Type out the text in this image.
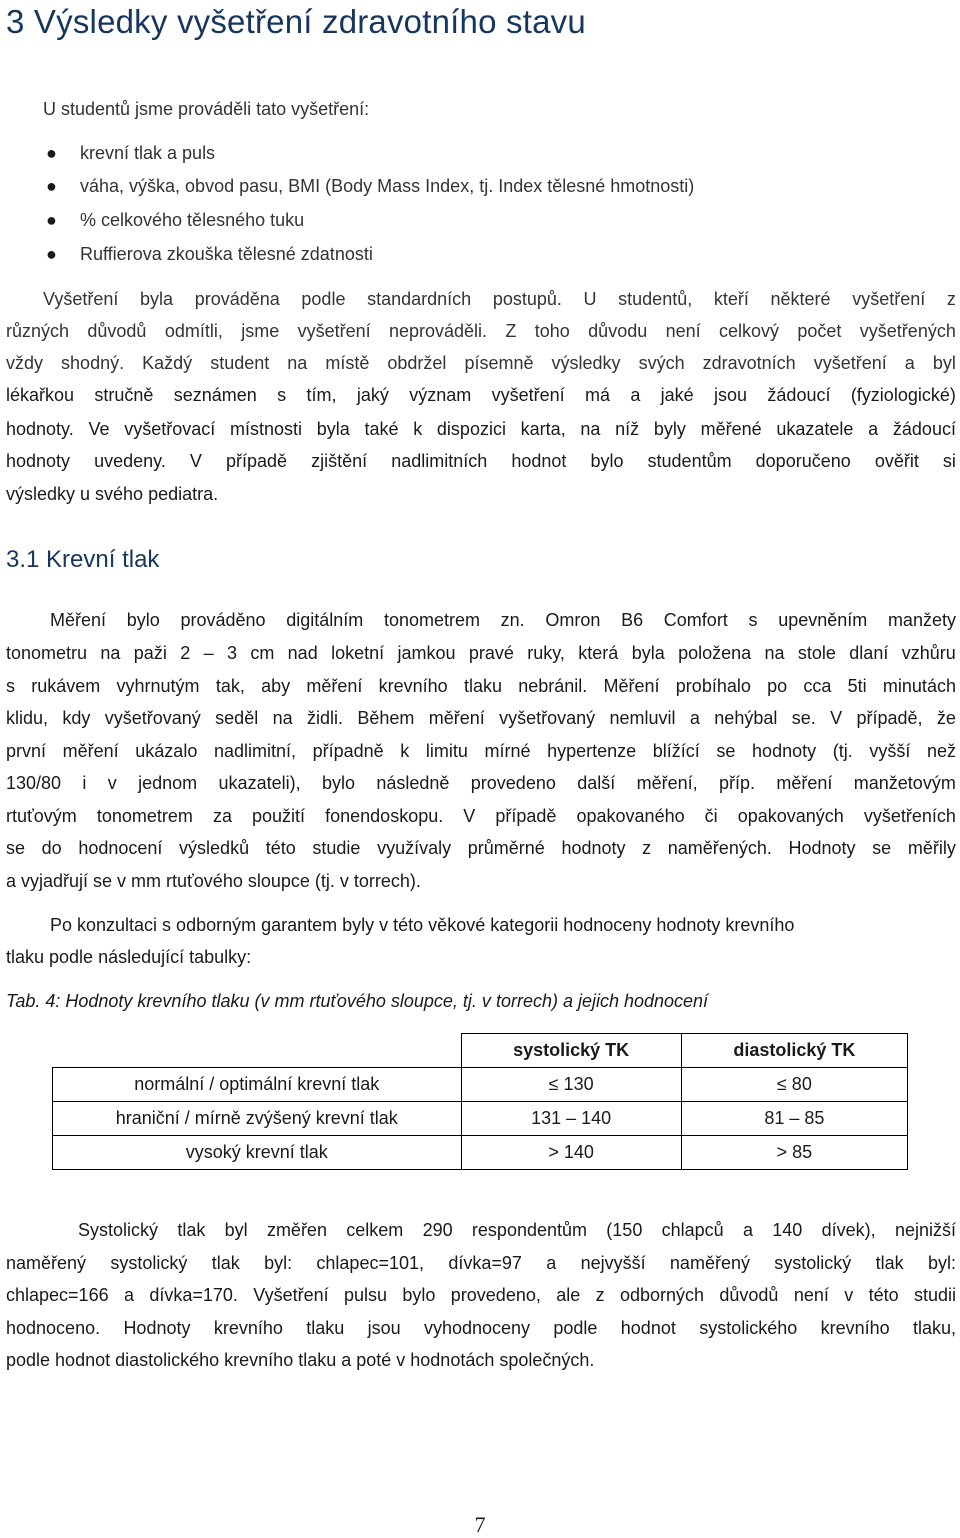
3 Výsledky vyšetření zdravotního stavu
U studentů jsme prováděli tato vyšetření:
● krevní tlak a puls
● váha, výška, obvod pasu, BMI (Body Mass Index, tj. Index tělesné hmotnosti)
● % celkového tělesného tuku
● Ruffierova zkouška tělesné zdatnosti
Vyšetření byla prováděna podle standardních postupů. U studentů, kteří některé vyšetření z
různých důvodů odmítli, jsme vyšetření neprováděli. Z toho důvodu není celkový počet vyšetřených
vždy shodný. Každý student na místě obdržel písemně výsledky svých zdravotních vyšetření a byl
lékařkou stručně seznámen s tím, jaký význam vyšetření má a jaké jsou žádoucí (fyziologické)
hodnoty. Ve vyšetřovací místnosti byla také k dispozici karta, na níž byly měřené ukazatele a žádoucí
hodnoty uvedeny. V případě zjištění nadlimitních hodnot bylo studentům doporučeno ověřit si
výsledky u svého pediatra.
3.1 Krevní tlak
Měření bylo prováděno digitálním tonometrem zn. Omron B6 Comfort s upevněním manžety
tonometru na paži 2 – 3 cm nad loketní jamkou pravé ruky, která byla položena na stole dlaní vzhůru
s rukávem vyhrnutým tak, aby měření krevního tlaku nebránil. Měření probíhalo po cca 5ti minutách
klidu, kdy vyšetřovaný seděl na židli. Během měření vyšetřovaný nemluvil a nehýbal se. V případě, že
první měření ukázalo nadlimitní, případně k limitu mírné hypertenze blížící se hodnoty (tj. vyšší než
130/80 i v jednom ukazateli), bylo následně provedeno další měření, příp. měření manžetovým
rtuťovým tonometrem za použití fonendoskopu. V případě opakovaného či opakovaných vyšetřeních
se do hodnocení výsledků této studie využívaly průměrné hodnoty z naměřených. Hodnoty se měřily
a vyjadřují se v mm rtuťového sloupce (tj. v torrech).
Po konzultaci s odborným garantem byly v této věkové kategorii hodnoceny hodnoty krevního
tlaku podle následující tabulky:
Tab. 4: Hodnoty krevního tlaku (v mm rtuťového sloupce, tj. v torrech) a jejich hodnocení
	systolický TK	diastolický TK
normální / optimální krevní tlak	≤ 130	≤ 80
hraniční / mírně zvýšený krevní tlak	131 – 140	81 – 85
vysoký krevní tlak	> 140	> 85
Systolický tlak byl změřen celkem 290 respondentům (150 chlapců a 140 dívek), nejnižší
naměřený systolický tlak byl: chlapec=101, dívka=97 a nejvyšší naměřený systolický tlak byl:
chlapec=166 a dívka=170. Vyšetření pulsu bylo provedeno, ale z odborných důvodů není v této studii
hodnoceno. Hodnoty krevního tlaku jsou vyhodnoceny podle hodnot systolického krevního tlaku,
podle hodnot diastolického krevního tlaku a poté v hodnotách společných.
7
